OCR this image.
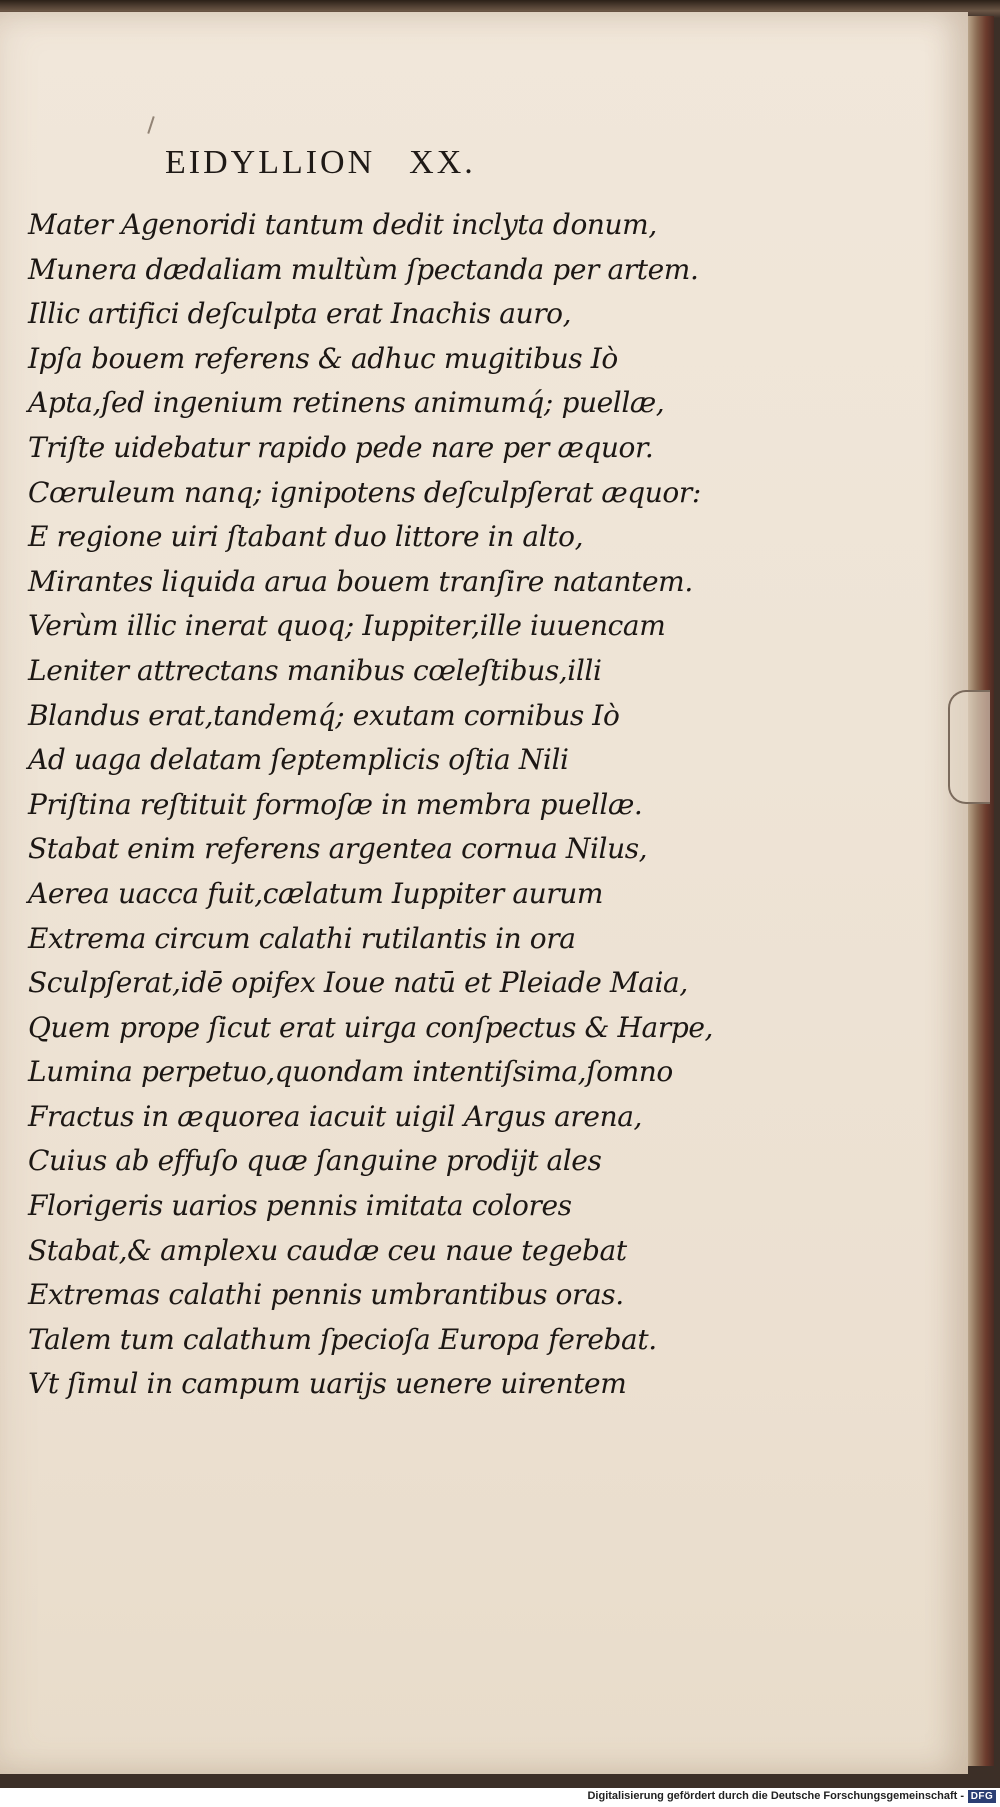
EIDYLLION XX.
Mater Agenoridi tantum dedit inclyta donum,
Munera dædaliam multùm ſpectanda per artem.
Illic artifici deſculpta erat Inachis auro,
Ipſa bouem referens & adhuc mugitibus Iò
Apta,ſed ingenium retinens animumq́; puellæ,
Triſte uidebatur rapido pede nare per æquor.
Cœruleum nanq; ignipotens deſculpſerat æquor:
E regione uiri ſtabant duo littore in alto,
Mirantes liquida arua bouem tranſire natantem.
Verùm illic inerat quoq; Iuppiter,ille iuuencam
Leniter attrectans manibus cœleſtibus,illi
Blandus erat,tandemq́; exutam cornibus Iò
Ad uaga delatam ſeptemplicis oſtia Nili
Priſtina reſtituit formoſæ in membra puellæ.
Stabat enim referens argentea cornua Nilus,
Aerea uacca fuit,cælatum Iuppiter aurum
Extrema circum calathi rutilantis in ora
Sculpſerat,idē opifex Ioue natū et Pleiade Maia,
Quem prope ſicut erat uirga conſpectus & Harpe,
Lumina perpetuo,quondam intentiſsima,ſomno
Fractus in æquorea iacuit uigil Argus arena,
Cuius ab effuſo quæ ſanguine prodijt ales
Florigeris uarios pennis imitata colores
Stabat,& amplexu caudæ ceu naue tegebat
Extremas calathi pennis umbrantibus oras.
Talem tum calathum ſpecioſa Europa ferebat.
Vt ſimul in campum uarijs uenere uirentem
Digitalisierung gefördert durch die Deutsche Forschungsgemeinschaft - DFG
